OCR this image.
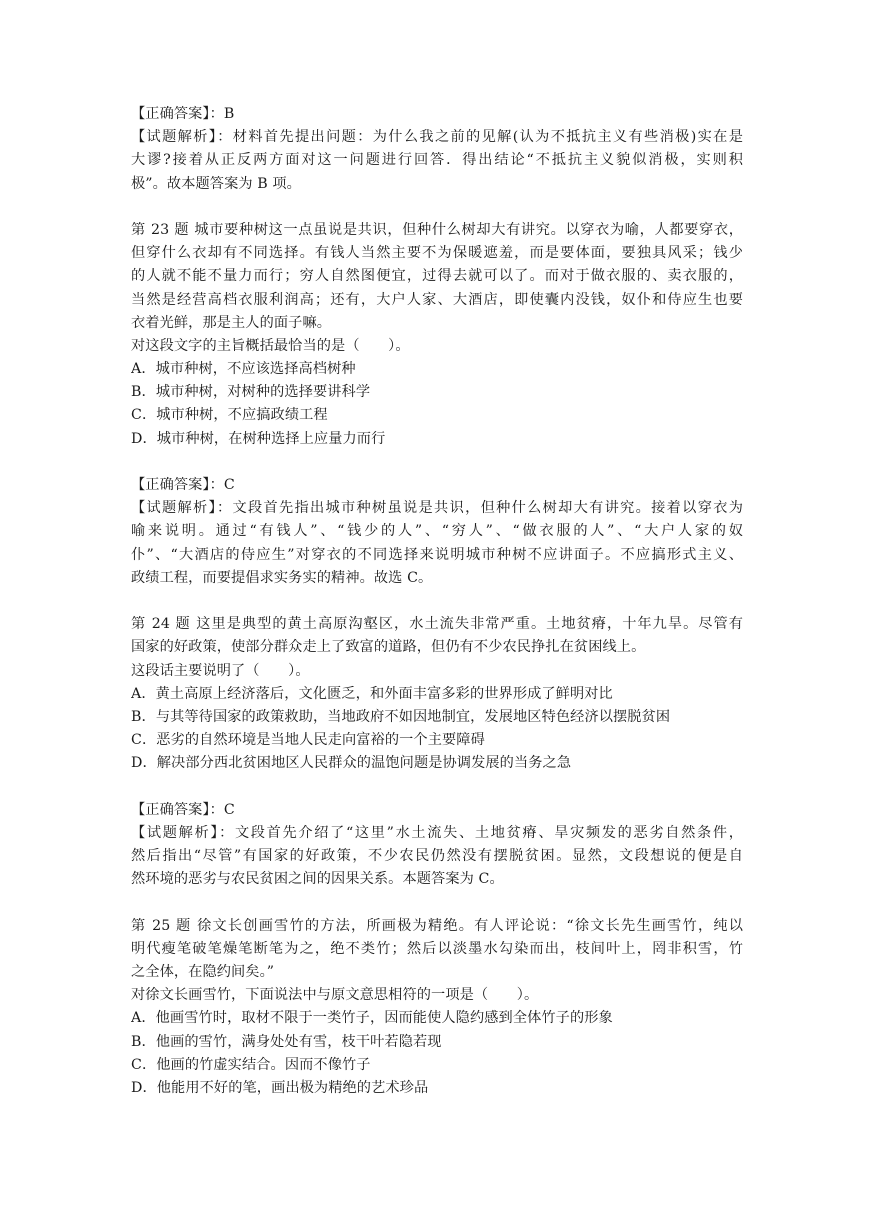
【正确答案】：B
【试题解析】：材料首先提出问题：为什么我之前的见解(认为不抵抗主义有些消极)实在是
大谬?接着从正反两方面对这一问题进行回答．得出结论“不抵抗主义貌似消极，实则积
极”。故本题答案为 B 项。
第 23 题 城市要种树这一点虽说是共识，但种什么树却大有讲究。以穿衣为喻，人都要穿衣，
但穿什么衣却有不同选择。有钱人当然主要不为保暖遮羞，而是要体面，要独具风采；钱少
的人就不能不量力而行；穷人自然图便宜，过得去就可以了。而对于做衣服的、卖衣服的，
当然是经营高档衣服利润高；还有，大户人家、大酒店，即使囊内没钱，奴仆和侍应生也要
衣着光鲜，那是主人的面子嘛。
对这段文字的主旨概括最恰当的是（　　）。
A．城市种树，不应该选择高档树种
B．城市种树，对树种的选择要讲科学
C．城市种树，不应搞政绩工程
D．城市种树，在树种选择上应量力而行
【正确答案】：C
【试题解析】：文段首先指出城市种树虽说是共识，但种什么树却大有讲究。接着以穿衣为
喻来说明。通过“有钱人”、“钱少的人”、“穷人”、“做衣服的人”、“大户人家的奴
仆”、“大酒店的侍应生”对穿衣的不同选择来说明城市种树不应讲面子。不应搞形式主义、
政绩工程，而要提倡求实务实的精神。故选 C。
第 24 题 这里是典型的黄土高原沟壑区，水土流失非常严重。土地贫瘠，十年九旱。尽管有
国家的好政策，使部分群众走上了致富的道路，但仍有不少农民挣扎在贫困线上。
这段话主要说明了（　　）。
A．黄土高原上经济落后，文化匮乏，和外面丰富多彩的世界形成了鲜明对比
B．与其等待国家的政策救助，当地政府不如因地制宜，发展地区特色经济以摆脱贫困
C．恶劣的自然环境是当地人民走向富裕的一个主要障碍
D．解决部分西北贫困地区人民群众的温饱问题是协调发展的当务之急
【正确答案】：C
【试题解析】：文段首先介绍了“这里”水土流失、土地贫瘠、旱灾频发的恶劣自然条件，
然后指出“尽管”有国家的好政策，不少农民仍然没有摆脱贫困。显然，文段想说的便是自
然环境的恶劣与农民贫困之间的因果关系。本题答案为 C。
第 25 题 徐文长创画雪竹的方法，所画极为精绝。有人评论说：“徐文长先生画雪竹，纯以
明代瘦笔破笔燥笔断笔为之，绝不类竹；然后以淡墨水勾染而出，枝间叶上，罔非积雪，竹
之全体，在隐约间矣。”
对徐文长画雪竹，下面说法中与原文意思相符的一项是（　　）。
A．他画雪竹时，取材不限于一类竹子，因而能使人隐约感到全体竹子的形象
B．他画的雪竹，满身处处有雪，枝干叶若隐若现
C．他画的竹虚实结合。因而不像竹子
D．他能用不好的笔，画出极为精绝的艺术珍品
